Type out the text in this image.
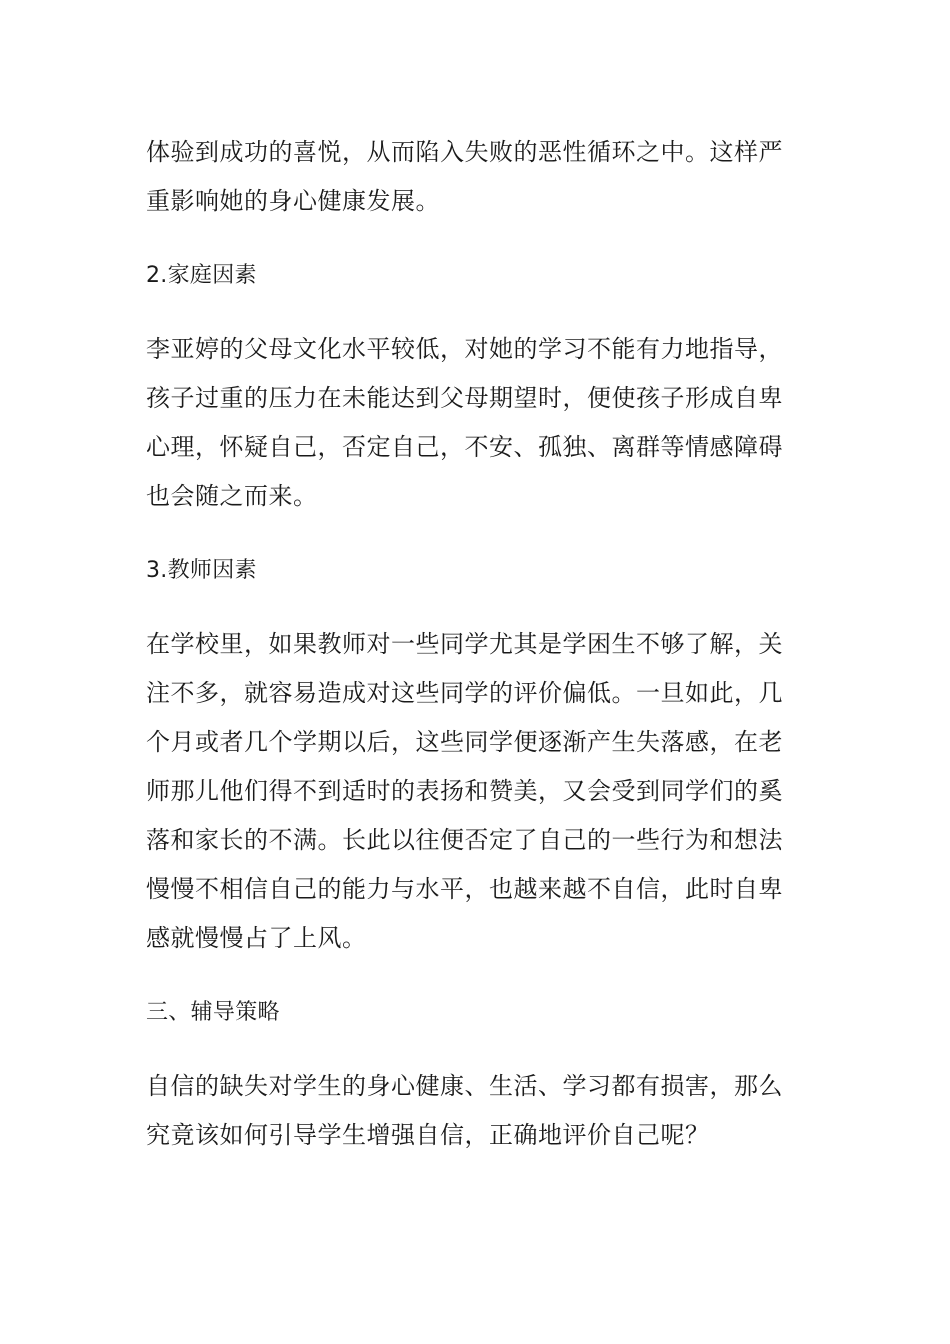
体验到成功的喜悦，从而陷入失败的恶性循环之中。这样严重影响她的身心健康发展。

2.家庭因素

李亚婷的父母文化水平较低，对她的学习不能有力地指导，孩子过重的压力在未能达到父母期望时，便使孩子形成自卑心理，怀疑自己，否定自己，不安、孤独、离群等情感障碍也会随之而来。

3.教师因素

在学校里，如果教师对一些同学尤其是学困生不够了解，关注不多，就容易造成对这些同学的评价偏低。一旦如此，几个月或者几个学期以后，这些同学便逐渐产生失落感，在老师那儿他们得不到适时的表扬和赞美，又会受到同学们的奚落和家长的不满。长此以往便否定了自己的一些行为和想法慢慢不相信自己的能力与水平，也越来越不自信，此时自卑感就慢慢占了上风。

三、辅导策略

自信的缺失对学生的身心健康、生活、学习都有损害，那么究竟该如何引导学生增强自信，正确地评价自己呢？
